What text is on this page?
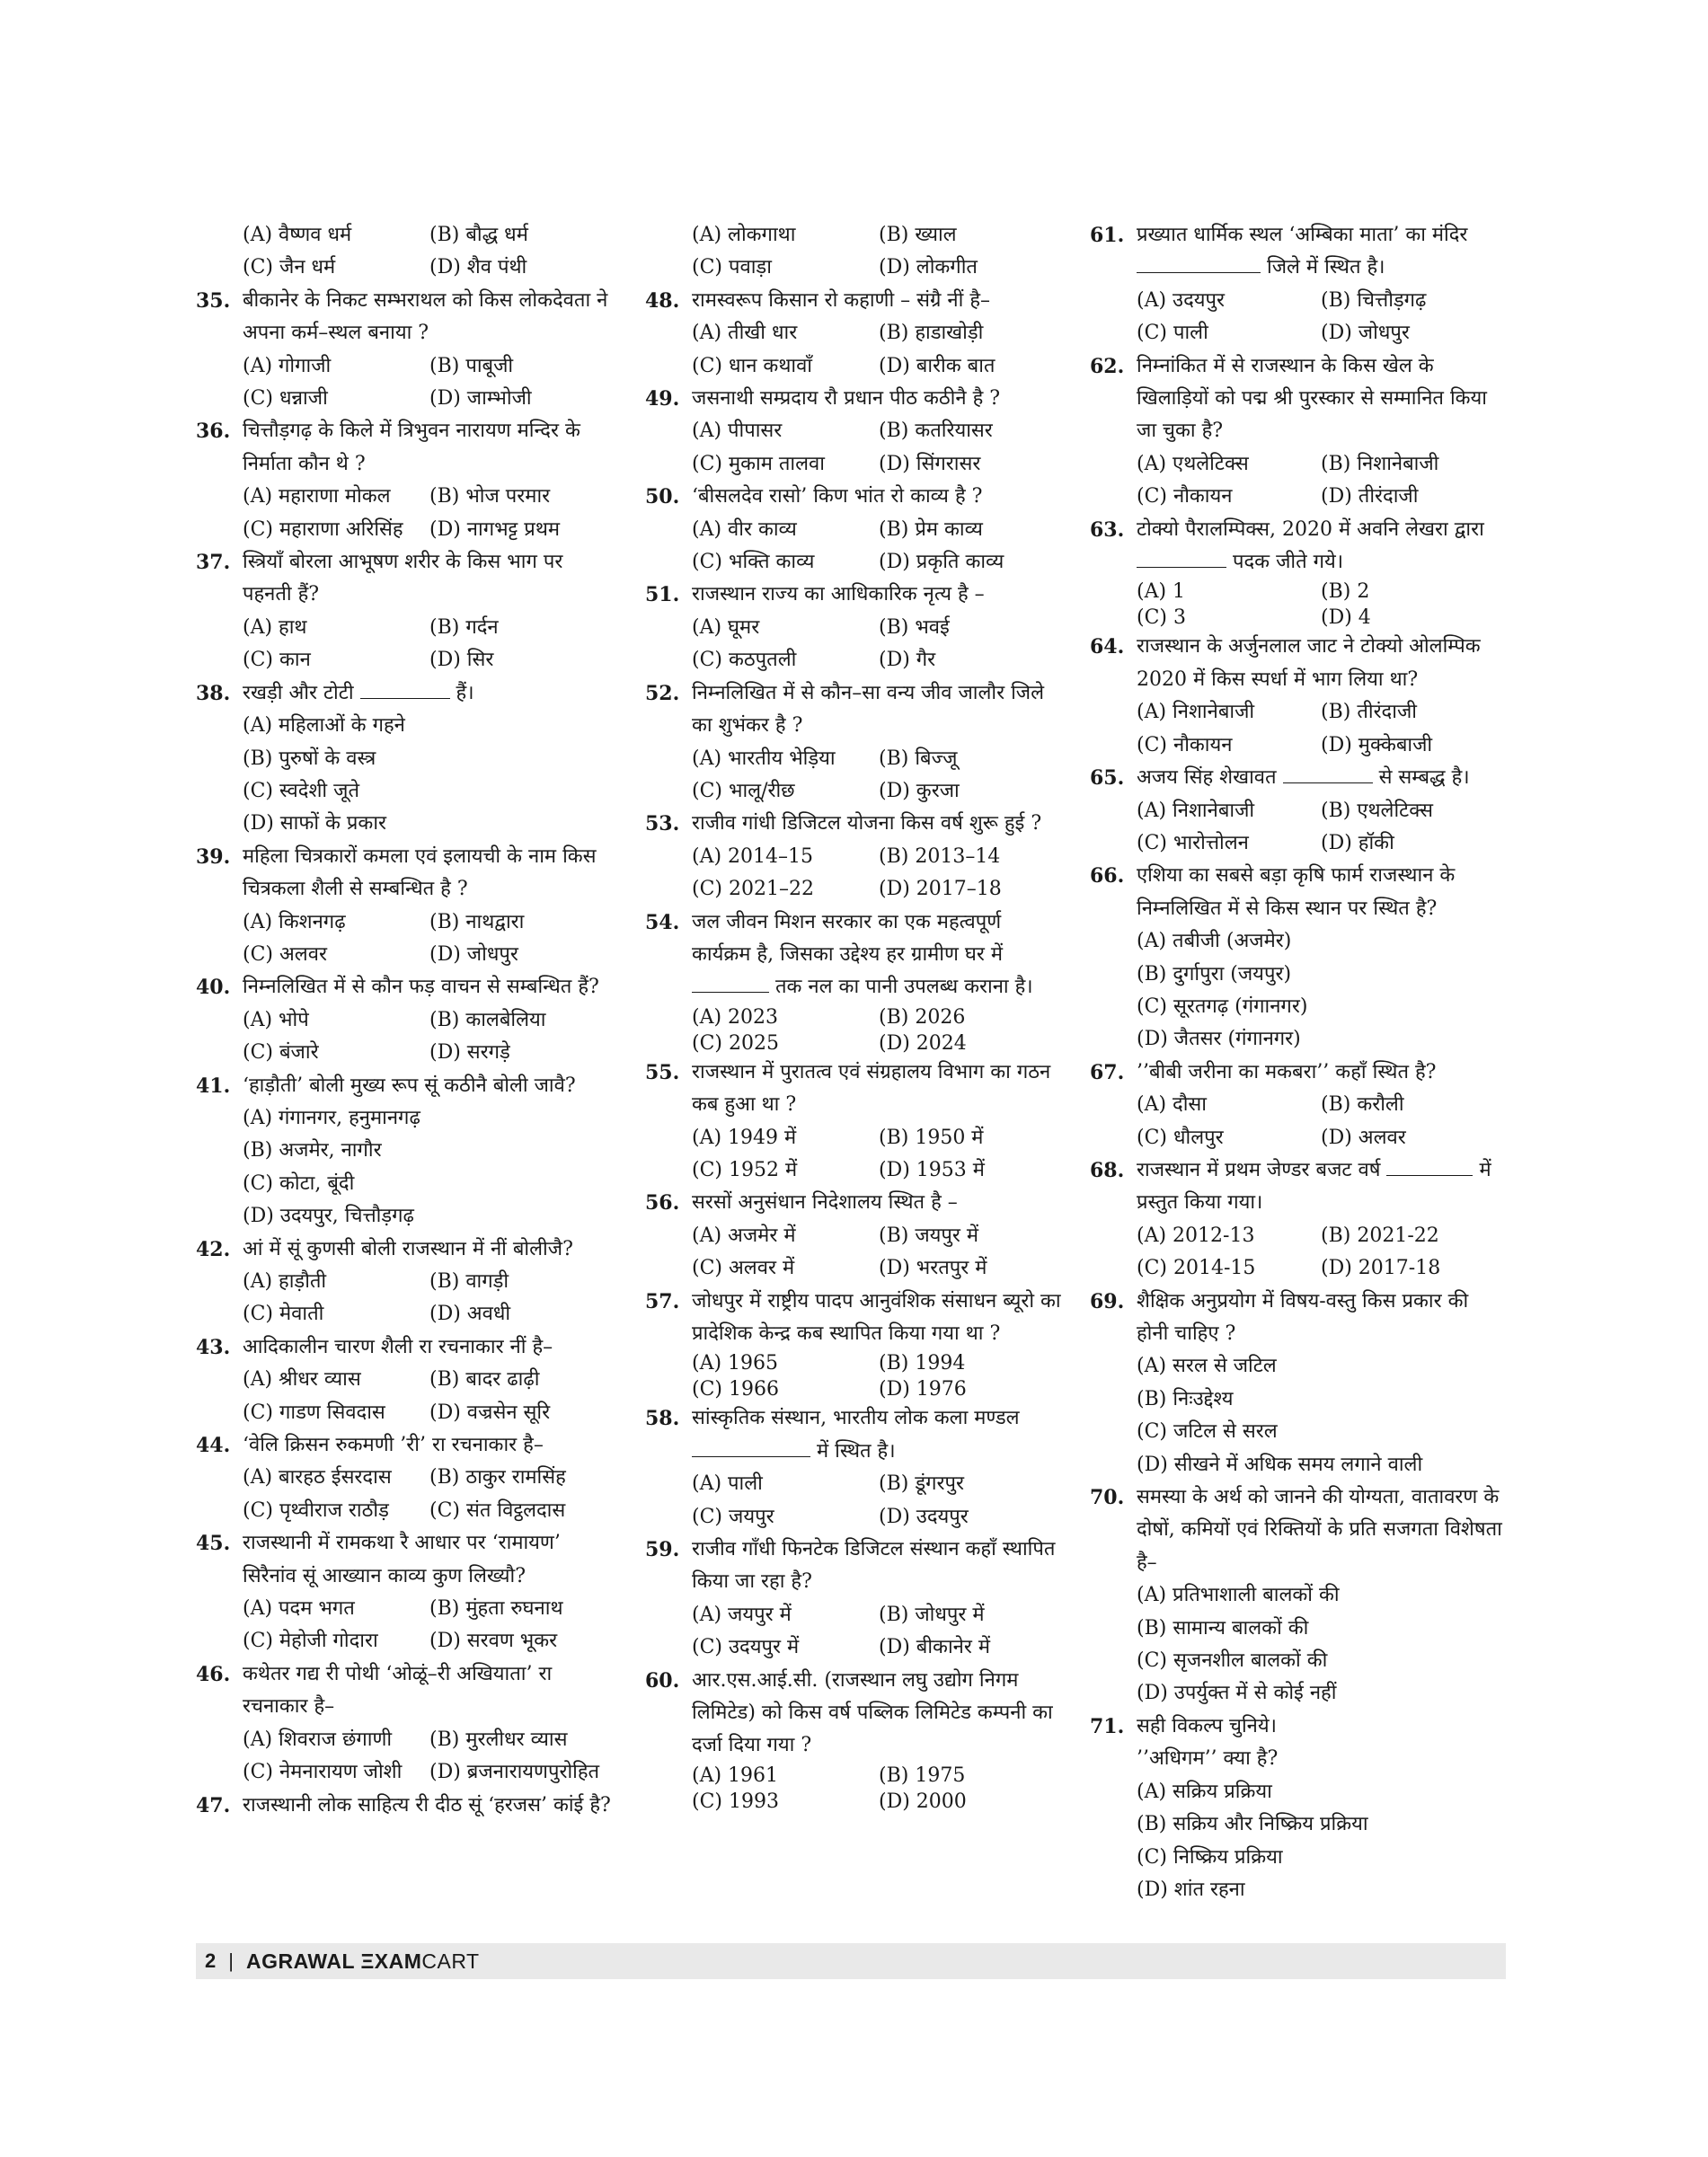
(A) वैष्णव धर्म	(B) बौद्ध धर्म
(C) जैन धर्म	(D) शैव पंथी
35. बीकानेर के निकट सम्भराथल को किस लोकदेवता ने अपना कर्म–स्थल बनाया ?
(A) गोगाजी	(B) पाबूजी
(C) धन्नाजी	(D) जाम्भोजी
36. चित्तौड़गढ़ के किले में त्रिभुवन नारायण मन्दिर के निर्माता कौन थे ?
(A) महाराणा मोकल	(B) भोज परमार
(C) महाराणा अरिसिंह	(D) नागभट्ट प्रथम
37. स्त्रियाँ बोरला आभूषण शरीर के किस भाग पर पहनती हैं?
(A) हाथ	(B) गर्दन
(C) कान	(D) सिर
38. रखड़ी और टोटी	हैं।
(A) महिलाओं के गहने
(B) पुरुषों के वस्त्र
(C) स्वदेशी जूते
(D) साफों के प्रकार
39. महिला चित्रकारों कमला एवं इलायची के नाम किस चित्रकला शैली से सम्बन्धित है ?
(A) किशनगढ़	(B) नाथद्वारा
(C) अलवर	(D) जोधपुर
40. निम्नलिखित में से कौन फड़ वाचन से सम्बन्धित हैं?
(A) भोपे	(B) कालबेलिया
(C) बंजारे	(D) सरगड़े
41. ‘हाड़ौती’ बोली मुख्य रूप सूं कठीनै बोली जावै?
(A) गंगानगर, हनुमानगढ़
(B) अजमेर, नागौर
(C) कोटा, बूंदी
(D) उदयपुर, चित्तौड़गढ़
42. आं में सूं कुणसी बोली राजस्थान में नीं बोलीजै?
(A) हाड़ौती	(B) वागड़ी
(C) मेवाती	(D) अवधी
43. आदिकालीन चारण शैली रा रचनाकार नीं है–
(A) श्रीधर व्यास	(B) बादर ढाढ़ी
(C) गाडण सिवदास	(D) वज्रसेन सूरि
44. ‘वेलि क्रिसन रुकमणी ’री’ रा रचनाकार है–
(A) बारहठ ईसरदास	(B) ठाकुर रामसिंह
(C) पृथ्वीराज राठौड़	(C) संत विट्ठलदास
45. राजस्थानी में रामकथा रै आधार पर ‘रामायण’ सिरैनांव सूं आख्यान काव्य कुण लिख्यौ?
(A) पदम भगत	(B) मुंहता रुघनाथ
(C) मेहोजी गोदारा	(D) सरवण भूकर
46. कथेतर गद्य री पोथी ‘ओळूं–री अखियाता’ रा रचनाकार है–
(A) शिवराज छंगाणी	(B) मुरलीधर व्यास
(C) नेमनारायण जोशी	(D) ब्रजनारायणपुरोहित
47. राजस्थानी लोक साहित्य री दीठ सूं ‘हरजस’ कांई है?
(A) लोकगाथा	(B) ख्याल
(C) पवाड़ा	(D) लोकगीत
48. रामस्वरूप किसान रो कहाणी – संग्रै नीं है–
(A) तीखी धार	(B) हाडाखोड़ी
(C) धान कथावाँ	(D) बारीक बात
49. जसनाथी सम्प्रदाय रौ प्रधान पीठ कठीनै है ?
(A) पीपासर	(B) कतरियासर
(C) मुकाम तालवा	(D) सिंगरासर
50. ‘बीसलदेव रासो’ किण भांत रो काव्य है ?
(A) वीर काव्य	(B) प्रेम काव्य
(C) भक्ति काव्य	(D) प्रकृति काव्य
51. राजस्थान राज्य का आधिकारिक नृत्य है –
(A) घूमर	(B) भवई
(C) कठपुतली	(D) गैर
52. निम्नलिखित में से कौन–सा वन्य जीव जालौर जिले का शुभंकर है ?
(A) भारतीय भेड़िया	(B) बिज्जू
(C) भालू/रीछ	(D) कुरजा
53. राजीव गांधी डिजिटल योजना किस वर्ष शुरू हुई ?
(A) 2014–15	(B) 2013–14
(C) 2021–22	(D) 2017–18
54. जल जीवन मिशन सरकार का एक महत्वपूर्ण कार्यक्रम है, जिसका उद्देश्य हर ग्रामीण घर में  तक नल का पानी उपलब्ध कराना है।
(A) 2023	(B) 2026
(C) 2025	(D) 2024
55. राजस्थान में पुरातत्व एवं संग्रहालय विभाग का गठन कब हुआ था ?
(A) 1949 में	(B) 1950 में
(C) 1952 में	(D) 1953 में
56. सरसों अनुसंधान निदेशालय स्थित है –
(A) अजमेर में	(B) जयपुर में
(C) अलवर में	(D) भरतपुर में
57. जोधपुर में राष्ट्रीय पादप आनुवंशिक संसाधन ब्यूरो का प्रादेशिक केन्द्र कब स्थापित किया गया था ?
(A) 1965	(B) 1994
(C) 1966	(D) 1976
58. सांस्कृतिक संस्थान, भारतीय लोक कला मण्डल
में स्थित है।
(A) पाली	(B) डूंगरपुर
(C) जयपुर	(D) उदयपुर
59. राजीव गाँधी फिनटेक डिजिटल संस्थान कहाँ स्थापित किया जा रहा है?
(A) जयपुर में	(B) जोधपुर में
(C) उदयपुर में	(D) बीकानेर में
60. आर.एस.आई.सी. (राजस्थान लघु उद्योग निगम लिमिटेड) को किस वर्ष पब्लिक लिमिटेड कम्पनी का दर्जा दिया गया ?
(A) 1961	(B) 1975
(C) 1993	(D) 2000
61. प्रख्यात धार्मिक स्थल ‘अम्बिका माता’ का मंदिर
जिले में स्थित है।
(A) उदयपुर	(B) चित्तौड़गढ़
(C) पाली	(D) जोधपुर
62. निम्नांकित में से राजस्थान के किस खेल के खिलाड़ियों को पद्म श्री पुरस्कार से सम्मानित किया जा चुका है?
(A) एथलेटिक्स	(B) निशानेबाजी
(C) नौकायन	(D) तीरंदाजी
63. टोक्यो पैरालम्पिक्स, 2020 में अवनि लेखरा द्वारा  पदक जीते गये।
(A) 1	(B) 2
(C) 3	(D) 4
64. राजस्थान के अर्जुनलाल जाट ने टोक्यो ओलम्पिक 2020 में किस स्पर्धा में भाग लिया था?
(A) निशानेबाजी	(B) तीरंदाजी
(C) नौकायन	(D) मुक्केबाजी
65. अजय सिंह शेखावत	से सम्बद्ध है।
(A) निशानेबाजी	(B) एथलेटिक्स
(C) भारोत्तोलन	(D) हॉकी
66. एशिया का सबसे बड़ा कृषि फार्म राजस्थान के निम्नलिखित में से किस स्थान पर स्थित है?
(A) तबीजी (अजमेर)
(B) दुर्गापुरा (जयपुर)
(C) सूरतगढ़ (गंगानगर)
(D) जैतसर (गंगानगर)
67. ’’बीबी जरीना का मकबरा’’ कहाँ स्थित है?
(A) दौसा	(B) करौली
(C) धौलपुर	(D) अलवर
68. राजस्थान में प्रथम जेण्डर बजट वर्ष	में प्रस्तुत किया गया।
(A) 2012-13	(B) 2021-22
(C) 2014-15	(D) 2017-18
69. शैक्षिक अनुप्रयोग में विषय-वस्तु किस प्रकार की होनी चाहिए ?
(A) सरल से जटिल
(B) निःउद्देश्य
(C) जटिल से सरल
(D) सीखने में अधिक समय लगाने वाली
70. समस्या के अर्थ को जानने की योग्यता, वातावरण के दोषों, कमियों एवं रिक्तियों के प्रति सजगता विशेषता है–
(A) प्रतिभाशाली बालकों की
(B) सामान्य बालकों की
(C) सृजनशील बालकों की
(D) उपर्युक्त में से कोई नहीं
71. सही विकल्प चुनिये।
’’अधिगम’’ क्या है?
(A) सक्रिय प्रक्रिया
(B) सक्रिय और निष्क्रिय प्रक्रिया
(C) निष्क्रिय प्रक्रिया
(D) शांत रहना
2 | AGRAWAL ΞXAMCART
